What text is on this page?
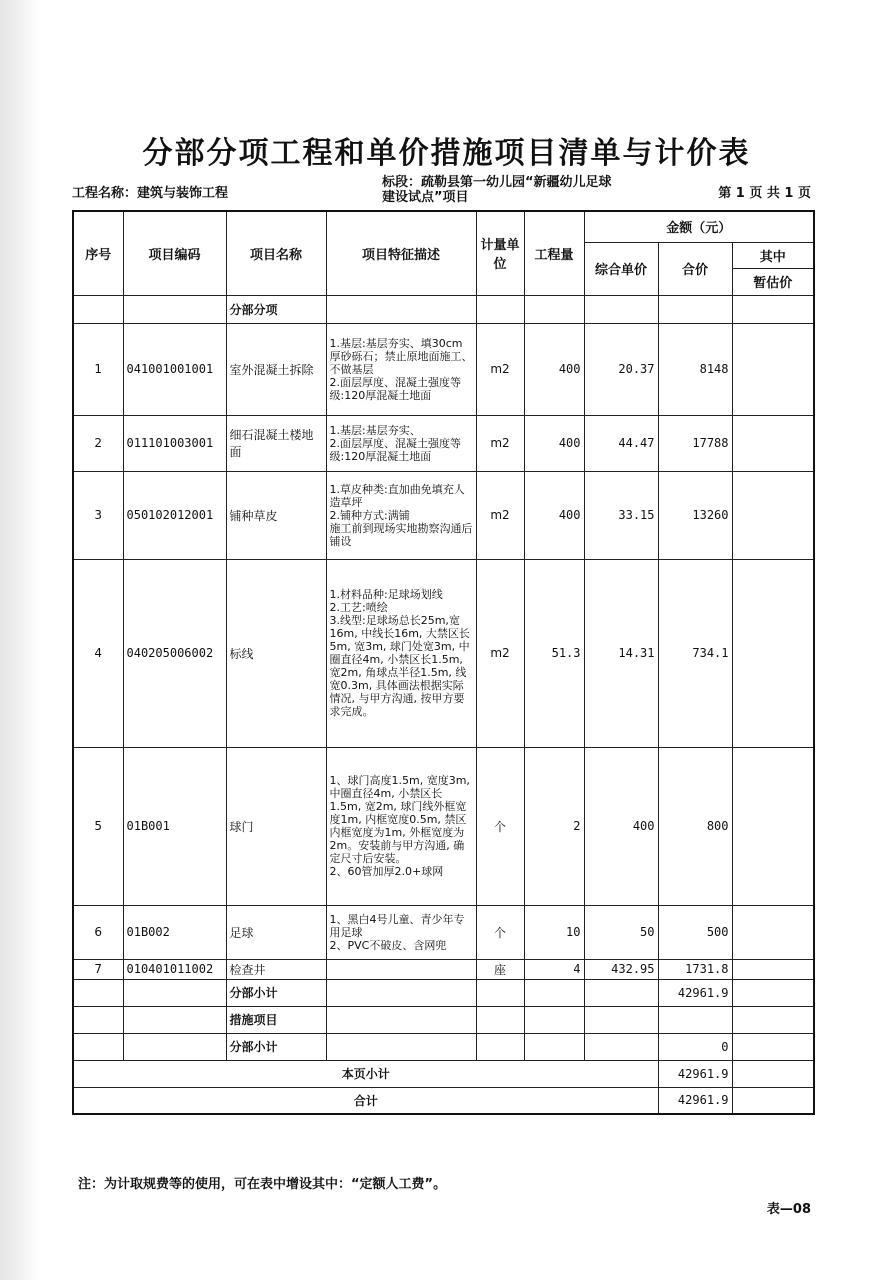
分部分项工程和单价措施项目清单与计价表
工程名称：建筑与装饰工程
标段：疏勒县第一幼儿园“新疆幼儿足球建设试点”项目	第 1 页 共 1 页
序号	项目编码	项目名称	项目特征描述	计量单位	工程量	金额（元）		
						综合单价	合价	其中
								暂估价
		分部分项						
1	041001001001	室外混凝土拆除	1.基层:基层夯实、填30cm厚砂砾石；禁止原地面施工、不做基层
2.面层厚度、混凝土强度等级:120厚混凝土地面	m2	400	20.37	8148	
2	011101003001	细石混凝土楼地面	1.基层:基层夯实、
2.面层厚度、混凝土强度等级:120厚混凝土地面	m2	400	44.47	17788	
3	050102012001	铺种草皮	1.草皮种类:直加曲免填充人造草坪
2.铺种方式:满铺
施工前到现场实地勘察沟通后铺设	m2	400	33.15	13260	
4	040205006002	标线	1.材料品种:足球场划线
2.工艺:喷绘
3.线型:足球场总长25m,宽16m, 中线长16m, 大禁区长5m, 宽3m, 球门处宽3m, 中圈直径4m, 小禁区长1.5m, 宽2m, 角球点半径1.5m, 线宽0.3m, 具体画法根据实际情况, 与甲方沟通, 按甲方要求完成。	m2	51.3	14.31	734.1	
5	01B001	球门	1、球门高度1.5m, 宽度3m, 中圈直径4m, 小禁区长1.5m, 宽2m, 球门线外框宽度1m, 内框宽度0.5m, 禁区内框宽度为1m, 外框宽度为2m。安装前与甲方沟通, 确定尺寸后安装。
2、60管加厚2.0+球网	个	2	400	800	
6	01B002	足球	1、黑白4号儿童、青少年专用足球
2、PVC不破皮、含网兜	个	10	50	500	
7	010401011002	检查井		座	4	432.95	1731.8	
		分部小计					42961.9	
		措施项目						
		分部小计					0	
本页小计							42961.9	
合计							42961.9	
注：为计取规费等的使用，可在表中增设其中：“定额人工费”。
表—08
